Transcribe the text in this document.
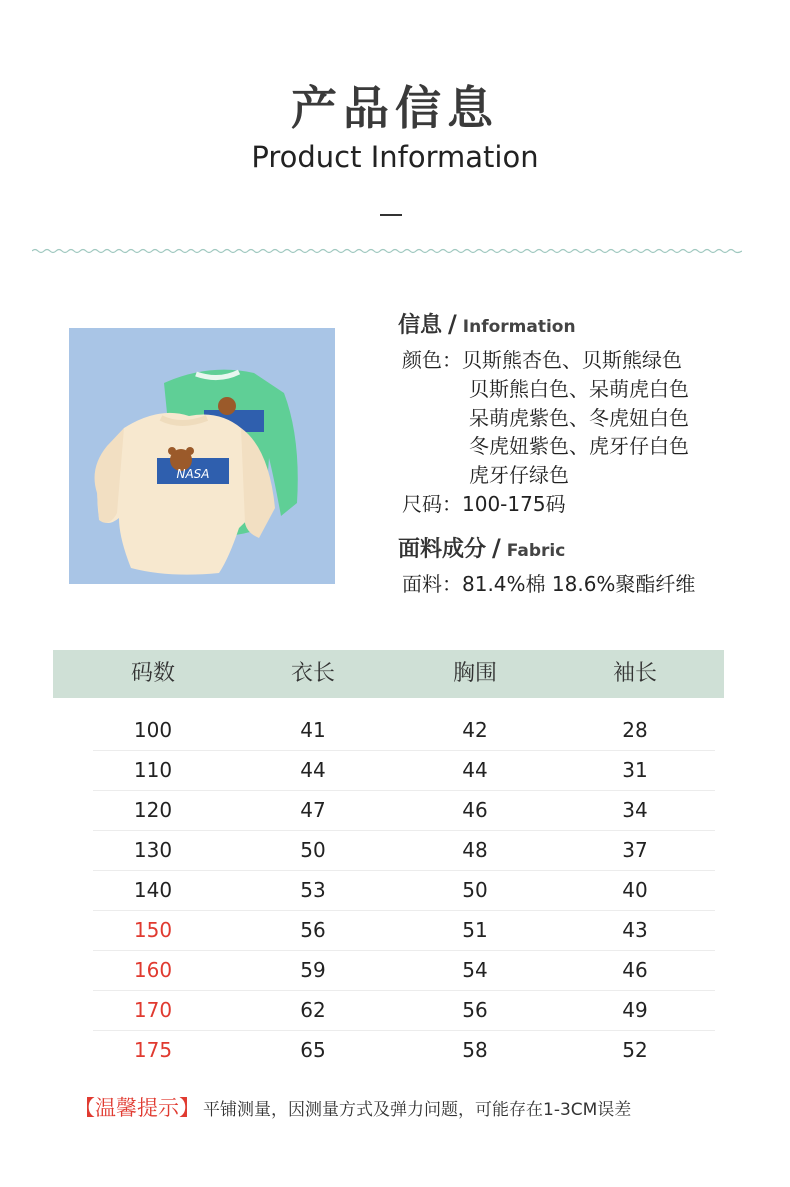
产品信息
Product Information
NASA
信息 / Information
颜色：贝斯熊杏色、贝斯熊绿色
贝斯熊白色、呆萌虎白色
呆萌虎紫色、冬虎妞白色
冬虎妞紫色、虎牙仔白色
虎牙仔绿色
尺码：100-175码
面料成分 / Fabric
面料：81.4%棉 18.6%聚酯纤维
码数	衣长	胸围	袖长
100	41	42	28
110	44	44	31
120	47	46	34
130	50	48	37
140	53	50	40
150	56	51	43
160	59	54	46
170	62	56	49
175	65	58	52
【温馨提示】 平铺测量，因测量方式及弹力问题，可能存在1-3CM误差
